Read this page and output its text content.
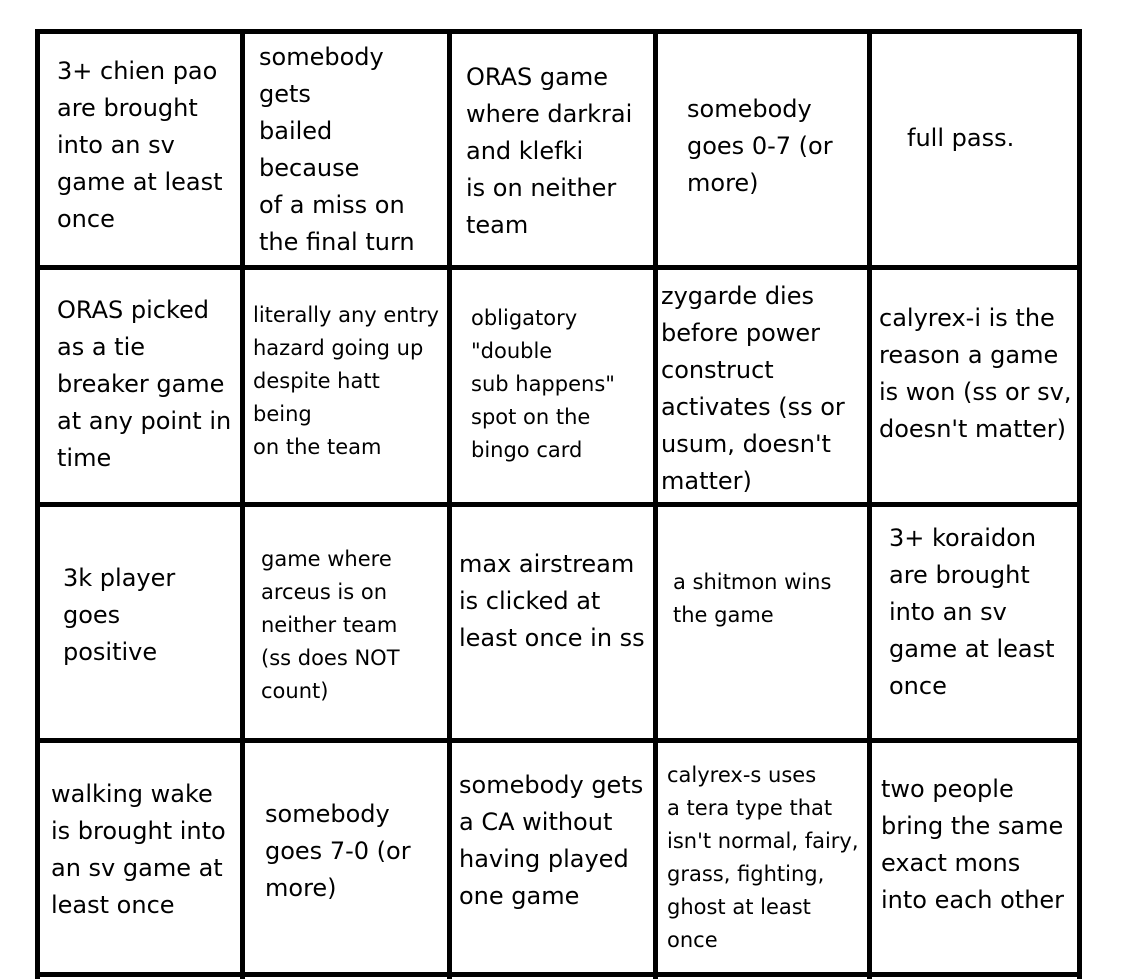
3+ chien pao
are brought
into an sv
game at least
once

somebody
gets
bailed
because
of a miss on
the final turn

ORAS game
where darkrai
and klefki
is on neither
team

somebody
goes 0-7 (or
more)

full pass.

ORAS picked
as a tie
breaker game
at any point in
time

literally any entry
hazard going up
despite hatt
being
on the team

obligatory
"double
sub happens"
spot on the
bingo card

zygarde dies
before power
construct
activates (ss or
usum, doesn't
matter)

calyrex-i is the
reason a game
is won (ss or sv,
doesn't matter)

3k player
goes
positive

game where
arceus is on
neither team
(ss does NOT
count)

max airstream
is clicked at
least once in ss

a shitmon wins
the game

3+ koraidon
are brought
into an sv
game at least
once

walking wake
is brought into
an sv game at
least once

somebody
goes 7-0 (or
more)

somebody gets
a CA without
having played
one game

calyrex-s uses
a tera type that
isn't normal, fairy,
grass, fighting,
ghost at least
once

two people
bring the same
exact mons
into each other
